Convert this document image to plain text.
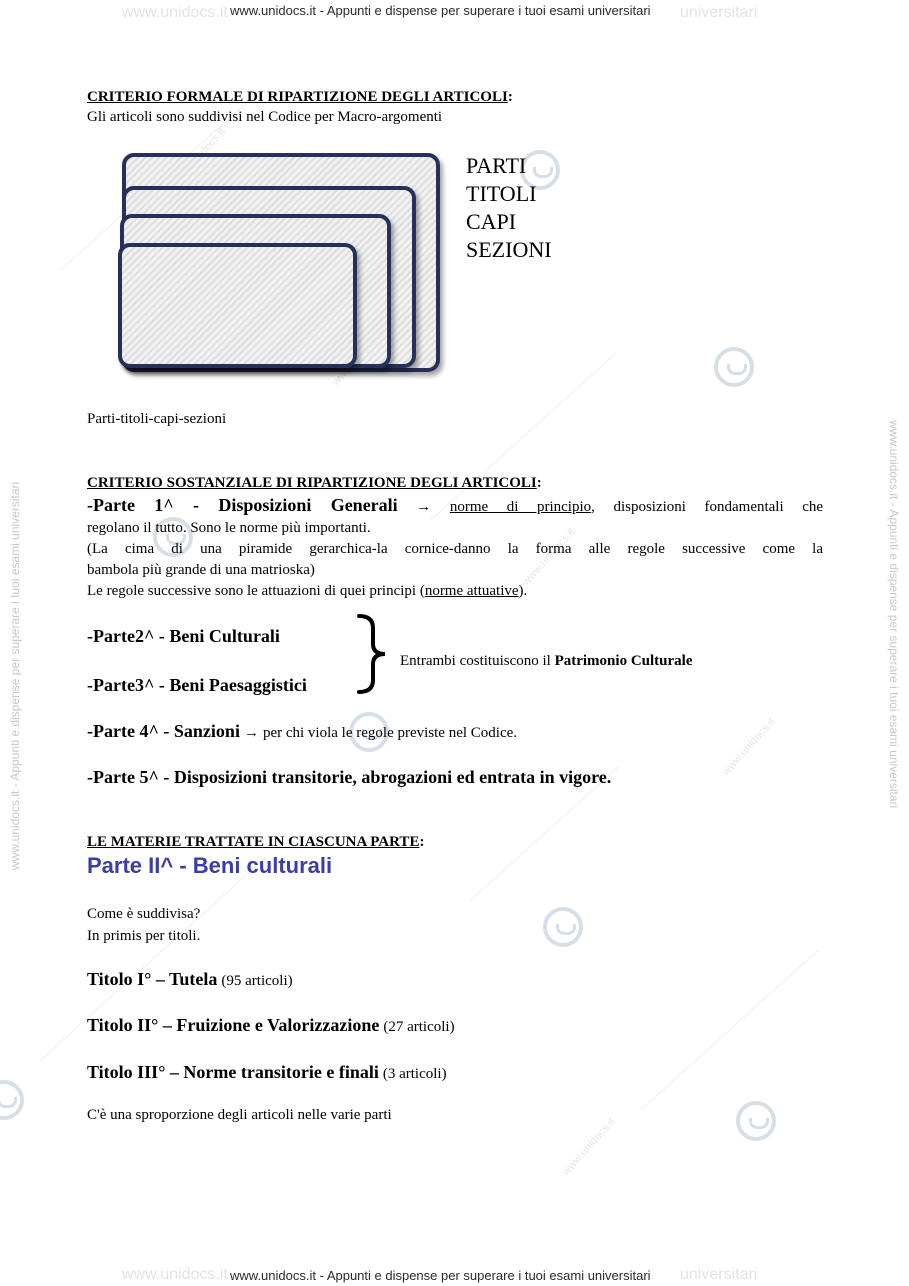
www.unidocs.it
www.unidocs.it
www.unidocs.it
www.unidocs.it	universitari
www.unidocs.it - Appunti e dispense per superare i tuoi esami universitari
www.unidocs.it - Appunti e dispense per superare i tuoi esami universitari	www.unidocs.it - Appunti e dispense per superare i tuoi esami universitari
CRITERIO FORMALE DI RIPARTIZIONE DEGLI ARTICOLI:
Gli articoli sono suddivisi nel Codice per Macro-argomenti
PARTI
TITOLI
CAPI
SEZIONI
Parti-titoli-capi-sezioni
CRITERIO SOSTANZIALE DI RIPARTIZIONE DEGLI ARTICOLI:
-Parte 1^ - Disposizioni Generali → norme di principio, disposizioni fondamentali che
regolano il tutto. Sono le norme più importanti.
(La cima di una piramide gerarchica-la cornice-danno la forma alle regole successive come la
bambola più grande di una matrioska)
Le regole successive sono le attuazioni di quei principi (norme attuative).
-Parte2^ - Beni Culturali
-Parte3^ - Beni Paesaggistici
Entrambi costituiscono il Patrimonio Culturale
-Parte 4^ - Sanzioni → per chi viola le regole previste nel Codice.
-Parte 5^ - Disposizioni transitorie, abrogazioni ed entrata in vigore.
LE MATERIE TRATTATE IN CIASCUNA PARTE:
Parte II^ - Beni culturali
Come è suddivisa?
In primis per titoli.
Titolo I° – Tutela (95 articoli)
Titolo II° – Fruizione e Valorizzazione (27 articoli)
Titolo III° – Norme transitorie e finali (3 articoli)
C'è una sproporzione degli articoli nelle varie parti
www.unidocs.it	universitari
www.unidocs.it - Appunti e dispense per superare i tuoi esami universitari
